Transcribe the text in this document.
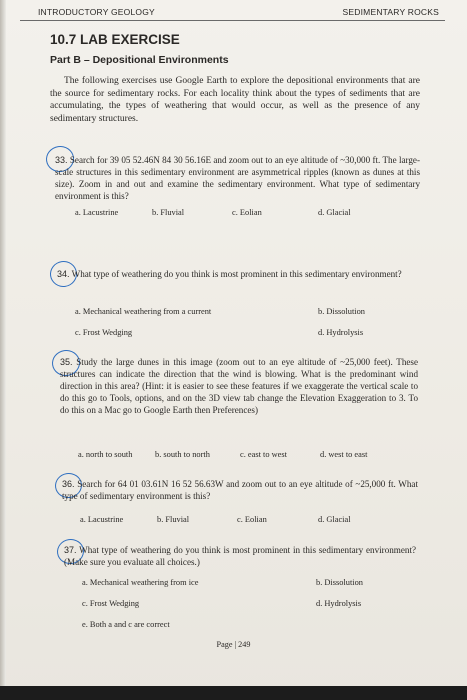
INTRODUCTORY GEOLOGY	SEDIMENTARY ROCKS
10.7 LAB EXERCISE
Part B – Depositional Environments

The following exercises use Google Earth to explore the depositional environments that are the source for sedimentary rocks. For each locality think about the types of sediments that are accumulating, the types of weathering that would occur, as well as the presence of any sedimentary structures.

33. Search for 39 05 52.46N 84 30 56.16E and zoom out to an eye altitude of ~30,000 ft. The large-scale structures in this sedimentary environment are asymmetrical ripples (known as dunes at this size). Zoom in and out and examine the sedimentary environment. What type of sedimentary environment is this?

a. Lacustrine	b. Fluvial	c. Eolian	d. Glacial

34. What type of weathering do you think is most prominent in this sedimentary environment?

a. Mechanical weathering from a current	b. Dissolution
c. Frost Wedging	d. Hydrolysis

35. Study the large dunes in this image (zoom out to an eye altitude of ~25,000 feet). These structures can indicate the direction that the wind is blowing. What is the predominant wind direction in this area? (Hint: it is easier to see these features if we exaggerate the vertical scale to do this go to Tools, options, and on the 3D view tab change the Elevation Exaggeration to 3. To do this on a Mac go to Google Earth then Preferences)

a. north to south	b. south to north	c. east to west	d. west to east

36. Search for 64 01 03.61N 16 52 56.63W and zoom out to an eye altitude of ~25,000 ft. What type of sedimentary environment is this?

a. Lacustrine	b. Fluvial	c. Eolian	d. Glacial

37. What type of weathering do you think is most prominent in this sedimentary environment? (Make sure you evaluate all choices.)

a. Mechanical weathering from ice	b. Dissolution
c. Frost Wedging	d. Hydrolysis
e. Both a and c are correct
Page | 249
